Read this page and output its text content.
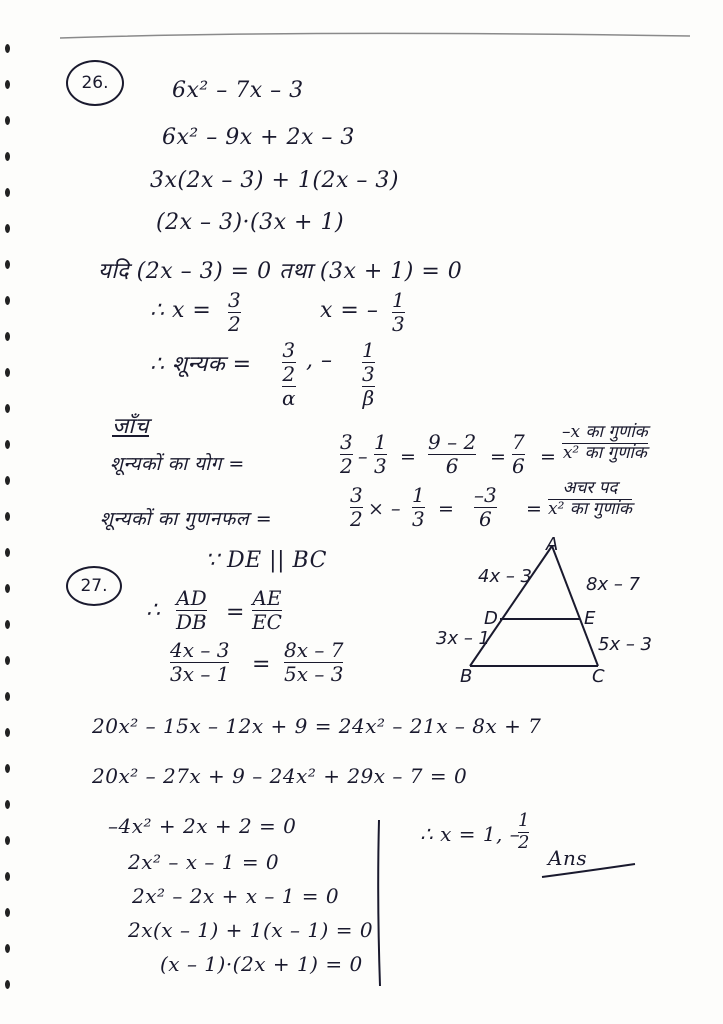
26.	6x² – 7x – 3
6x² – 9x + 2x – 3
3x(2x – 3) + 1(2x – 3)
(2x – 3)·(3x + 1)
यदि (2x – 3) = 0 तथा (3x + 1) = 0
∴ x = 3
2
x = – 1
3
∴ शून्यक =
3
2
α
, – 1
3
β
जाँच
शून्यकों का योग =
3
2 –
1
3 =
9 – 2
6 =
7
6 =
–x का गुणांक
x² का गुणांक
शून्यकों का गुणनफल =
3
2 × –
1
3 =
–3
6 =
अचर पद
x² का गुणांक
∵ DE || BC
27.
∴ AD
DB =
AE
EC
4x – 3
3x – 1 =
8x – 7
5x – 3
A
B	C
D	E
4x – 3	8x – 7
3x – 1	5x – 3
20x² – 15x – 12x + 9 = 24x² – 21x – 8x + 7
20x² – 27x + 9 – 24x² + 29x – 7 = 0
–4x² + 2x + 2 = 0
2x² – x – 1 = 0
2x² – 2x + x – 1 = 0
2x(x – 1) + 1(x – 1) = 0
(x – 1)·(2x + 1) = 0
∴ x = 1, –
1
2
Ans
